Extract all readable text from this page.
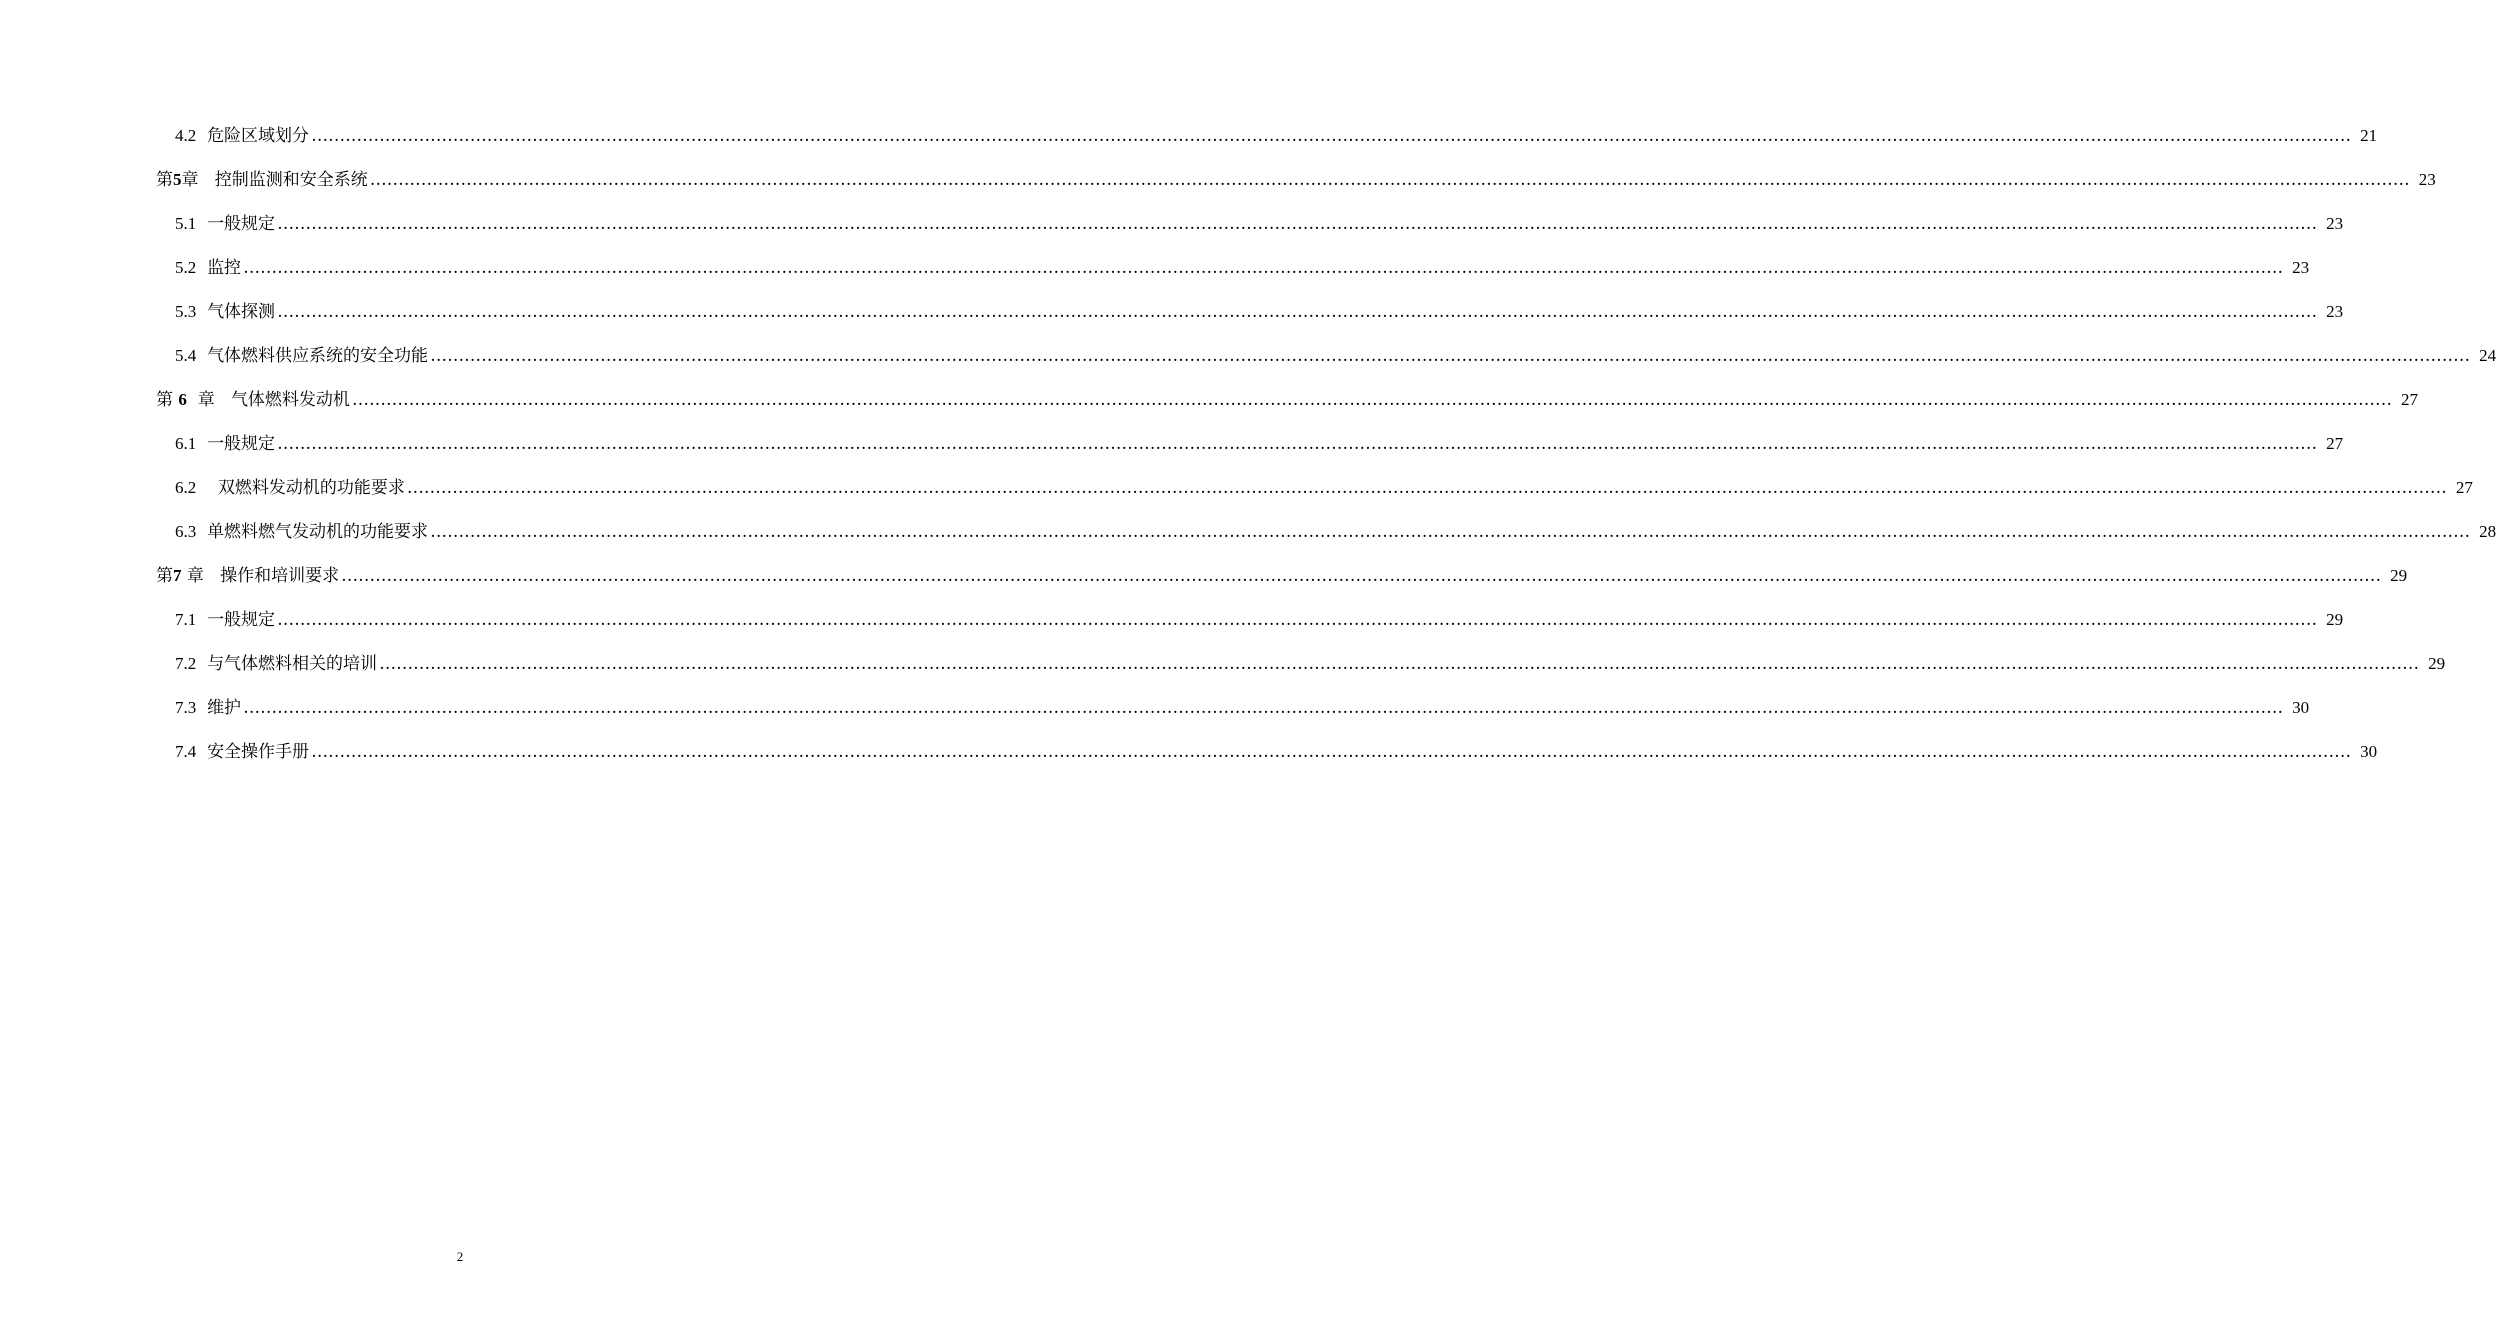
4.2 危险区域划分 ……………………………………………………………………………………………………………………………………………………………………………………………………………………………………………………………………………………………………………………………… 21
第5章 控制监测和安全系统 ……………………………………………………………………………………………………………………………………………………………………………………………………………………………………………………………………………………………………………………………… 23
5.1 一般规定 ……………………………………………………………………………………………………………………………………………………………………………………………………………………………………………………………………………………………………………………………… 23
5.2 监控 ……………………………………………………………………………………………………………………………………………………………………………………………………………………………………………………………………………………………………………………………… 23
5.3 气体探测 ……………………………………………………………………………………………………………………………………………………………………………………………………………………………………………………………………………………………………………………………… 23
5.4 气体燃料供应系统的安全功能 ……………………………………………………………………………………………………………………………………………………………………………………………………………………………………………………………………………………………………………………………… 24
第 6 章 气体燃料发动机 ……………………………………………………………………………………………………………………………………………………………………………………………………………………………………………………………………………………………………………………………… 27
6.1 一般规定 ……………………………………………………………………………………………………………………………………………………………………………………………………………………………………………………………………………………………………………………………… 27
6.2 双燃料发动机的功能要求 ……………………………………………………………………………………………………………………………………………………………………………………………………………………………………………………………………………………………………………………………… 27
6.3 单燃料燃气发动机的功能要求 ……………………………………………………………………………………………………………………………………………………………………………………………………………………………………………………………………………………………………………………………… 28
第7 章 操作和培训要求 ……………………………………………………………………………………………………………………………………………………………………………………………………………………………………………………………………………………………………………………………… 29
7.1 一般规定 ……………………………………………………………………………………………………………………………………………………………………………………………………………………………………………………………………………………………………………………………… 29
7.2 与气体燃料相关的培训 ……………………………………………………………………………………………………………………………………………………………………………………………………………………………………………………………………………………………………………………………… 29
7.3 维护 ……………………………………………………………………………………………………………………………………………………………………………………………………………………………………………………………………………………………………………………………… 30
7.4 安全操作手册 ……………………………………………………………………………………………………………………………………………………………………………………………………………………………………………………………………………………………………………………………… 30
2
